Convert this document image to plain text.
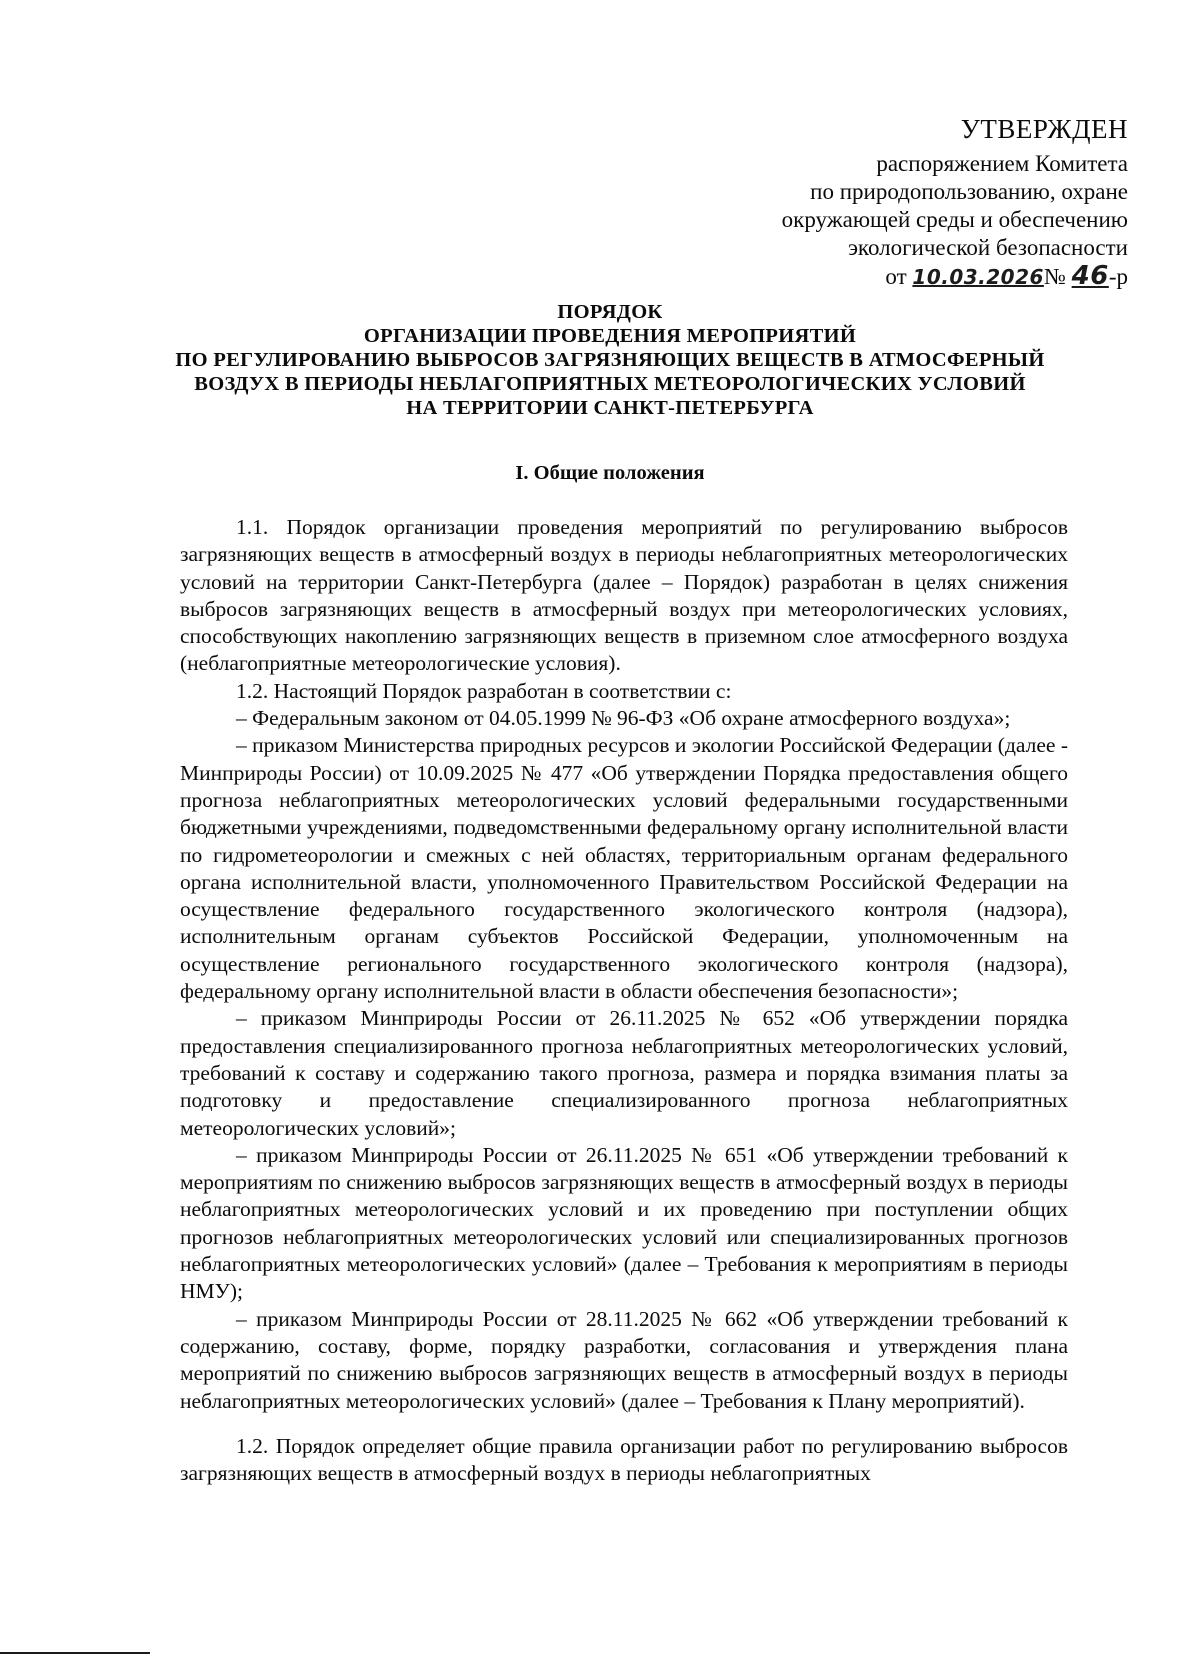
УТВЕРЖДЕН
распоряжением Комитета
по природопользованию, охране
окружающей среды и обеспечению
экологической безопасности
от
10.03.2026 №
46 -р
ПОРЯДОК
ОРГАНИЗАЦИИ ПРОВЕДЕНИЯ МЕРОПРИЯТИЙ
ПО РЕГУЛИРОВАНИЮ ВЫБРОСОВ ЗАГРЯЗНЯЮЩИХ ВЕЩЕСТВ В АТМОСФЕРНЫЙ
ВОЗДУХ В ПЕРИОДЫ НЕБЛАГОПРИЯТНЫХ МЕТЕОРОЛОГИЧЕСКИХ УСЛОВИЙ
НА ТЕРРИТОРИИ САНКТ-ПЕТЕРБУРГА
I. Общие положения

1.1. Порядок организации проведения мероприятий по регулированию выбросов загрязняющих веществ в атмосферный воздух в периоды неблагоприятных метеорологических условий на территории Санкт-Петербурга (далее – Порядок) разработан в целях снижения выбросов загрязняющих веществ в атмосферный воздух при метеорологических условиях, способствующих накоплению загрязняющих веществ в приземном слое атмосферного воздуха (неблагоприятные метеорологические условия).

1.2. Настоящий Порядок разработан в соответствии с:

– Федеральным законом от 04.05.1999 № 96-ФЗ «Об охране атмосферного воздуха»;

– приказом Министерства природных ресурсов и экологии Российской Федерации (далее - Минприроды России) от 10.09.2025 № 477 «Об утверждении Порядка предоставления общего прогноза неблагоприятных метеорологических условий федеральными государственными бюджетными учреждениями, подведомственными федеральному органу исполнительной власти по гидрометеорологии и смежных с ней областях, территориальным органам федерального органа исполнительной власти, уполномоченного Правительством Российской Федерации на осуществление федерального государственного экологического контроля (надзора), исполнительным органам субъектов Российской Федерации, уполномоченным на осуществление регионального государственного экологического контроля (надзора), федеральному органу исполнительной власти в области обеспечения безопасности»;

– приказом Минприроды России от 26.11.2025 № 652 «Об утверждении порядка предоставления специализированного прогноза неблагоприятных метеорологических условий, требований к составу и содержанию такого прогноза, размера и порядка взимания платы за подготовку и предоставление специализированного прогноза неблагоприятных метеорологических условий»;

– приказом Минприроды России от 26.11.2025 № 651 «Об утверждении требований к мероприятиям по снижению выбросов загрязняющих веществ в атмосферный воздух в периоды неблагоприятных метеорологических условий и их проведению при поступлении общих прогнозов неблагоприятных метеорологических условий или специализированных прогнозов неблагоприятных метеорологических условий» (далее – Требования к мероприятиям в периоды НМУ);

– приказом Минприроды России от 28.11.2025 № 662 «Об утверждении требований к содержанию, составу, форме, порядку разработки, согласования и утверждения плана мероприятий по снижению выбросов загрязняющих веществ в атмосферный воздух в периоды неблагоприятных метеорологических условий» (далее – Требования к Плану мероприятий).

1.2. Порядок определяет общие правила организации работ по регулированию выбросов загрязняющих веществ в атмосферный воздух в периоды неблагоприятных
